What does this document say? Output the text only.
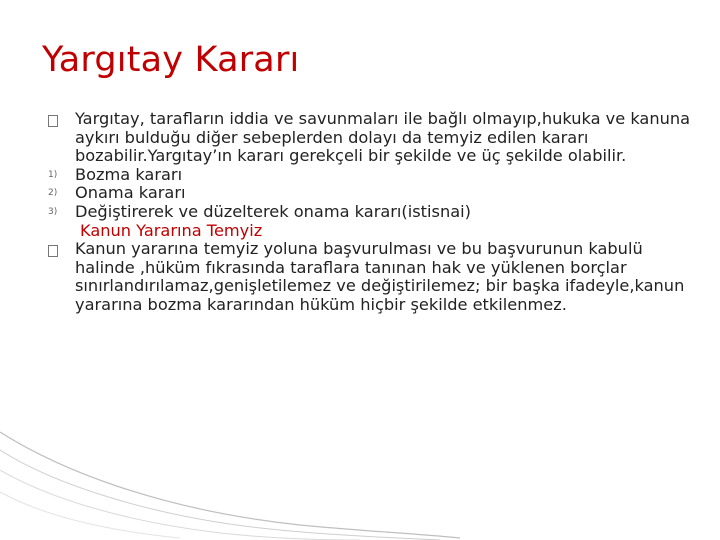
Yargıtay Kararı
Yargıtay, tarafların iddia ve savunmaları ile bağlı olmayıp,hukuka ve kanuna aykırı bulduğu diğer sebeplerden dolayı da temyiz edilen kararı bozabilir.Yargıtay’ın kararı gerekçeli bir şekilde ve üç şekilde olabilir.
1)	Bozma kararı
2)	Onama kararı
3)	Değiştirerek ve düzelterek onama kararı(istisnai)
Kanun Yararına Temyiz
Kanun yararına temyiz yoluna başvurulması ve bu başvurunun kabulü halinde ,hüküm fıkrasında taraflara tanınan hak ve yüklenen borçlar sınırlandırılamaz,genişletilemez ve değiştirilemez; bir başka ifadeyle,kanun yararına bozma kararından hüküm hiçbir şekilde etkilenmez.
